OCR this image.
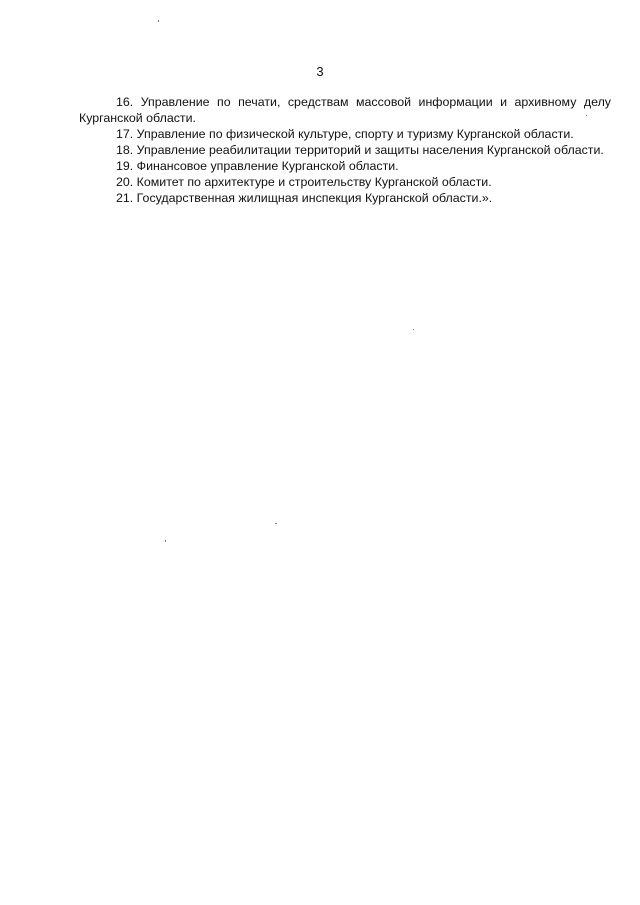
3

16. Управление по печати, средствам массовой информации и архивному делу Курганской области.

17. Управление по физической культуре, спорту и туризму Курганской области.

18. Управление реабилитации территорий и защиты населения Курганской области.

19. Финансовое управление Курганской области.

20. Комитет по архитектуре и строительству Курганской области.

21. Государственная жилищная инспекция Курганской области.».
